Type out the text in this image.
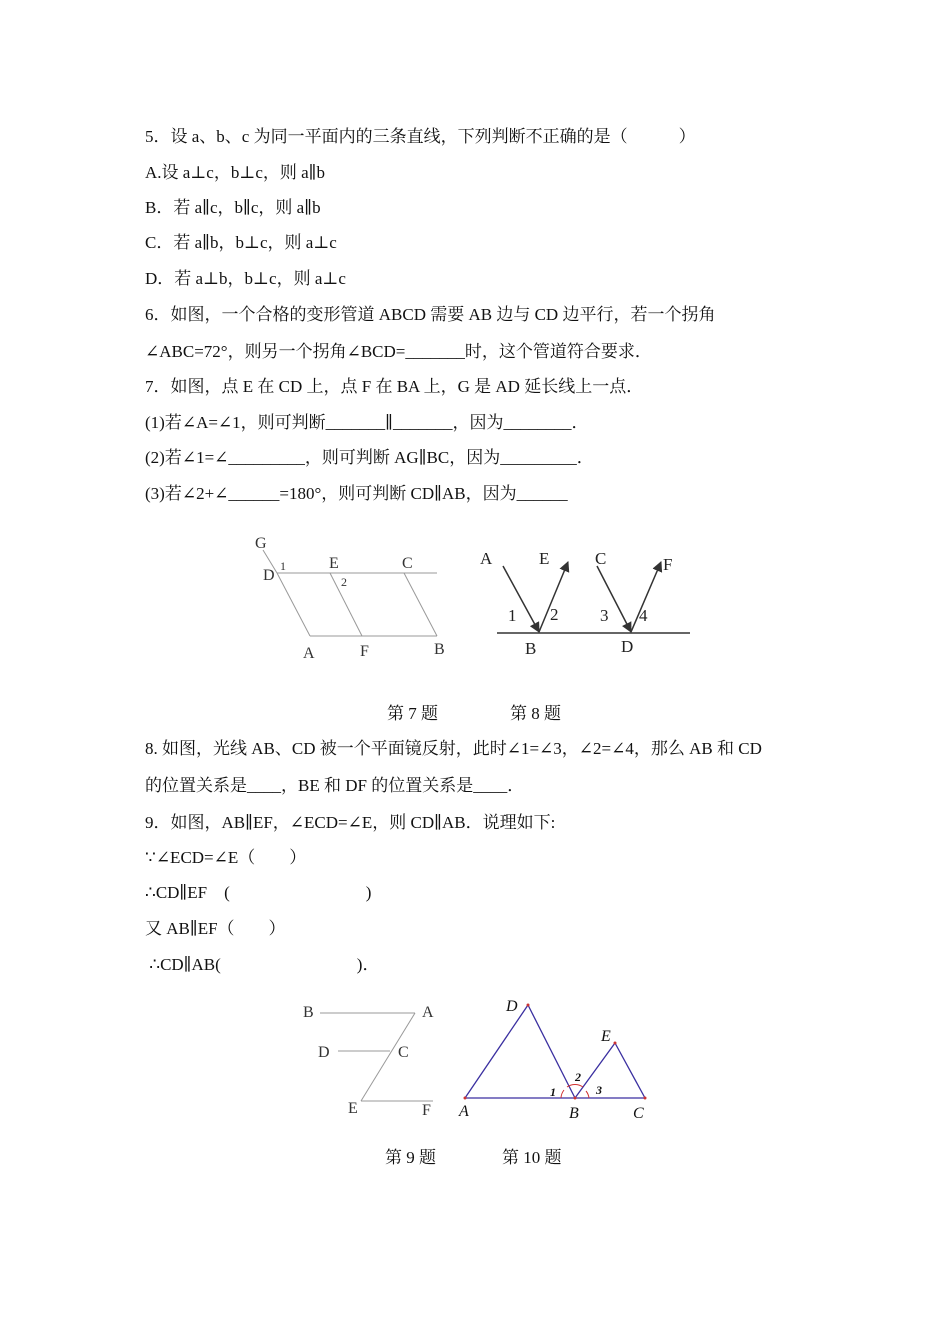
5．设 a、b、c 为同一平面内的三条直线，下列判断不正确的是（　　　）
A.设 a⊥c，b⊥c，则 a∥b
B．若 a∥c，b∥c，则 a∥b
C．若 a∥b，b⊥c，则 a⊥c
D．若 a⊥b，b⊥c，则 a⊥c
6．如图，一个合格的变形管道 ABCD 需要 AB 边与 CD 边平行，若一个拐角
∠ABC=72°，则另一个拐角∠BCD=_______时，这个管道符合要求．
7．如图，点 E 在 CD 上，点 F 在 BA 上，G 是 AD 延长线上一点．
(1)若∠A=∠1，则可判断_______∥_______，因为________．
(2)若∠1=∠_________，则可判断 AG∥BC，因为_________．
(3)若∠2+∠______=180°，则可判断 CD∥AB，因为______
G
D
1	E	C
2
A	F	B
A	E	C	F
1 2 3 4
B	D
第 7 题	第 8 题
8. 如图，光线 AB、CD 被一个平面镜反射，此时∠1=∠3，∠2=∠4，那么 AB 和 CD
的位置关系是____，BE 和 DF 的位置关系是____．
9．如图，AB∥EF，∠ECD=∠E，则 CD∥AB．说理如下:
∵∠ECD=∠E（　　）
∴CD∥EF　(　　　　　　　　)
又 AB∥EF（　　）
∴CD∥AB(　　　　　　　　)．
B	A
D	C
E	F
D
E
1
2
3
A	B	C
第 9 题	第 10 题
